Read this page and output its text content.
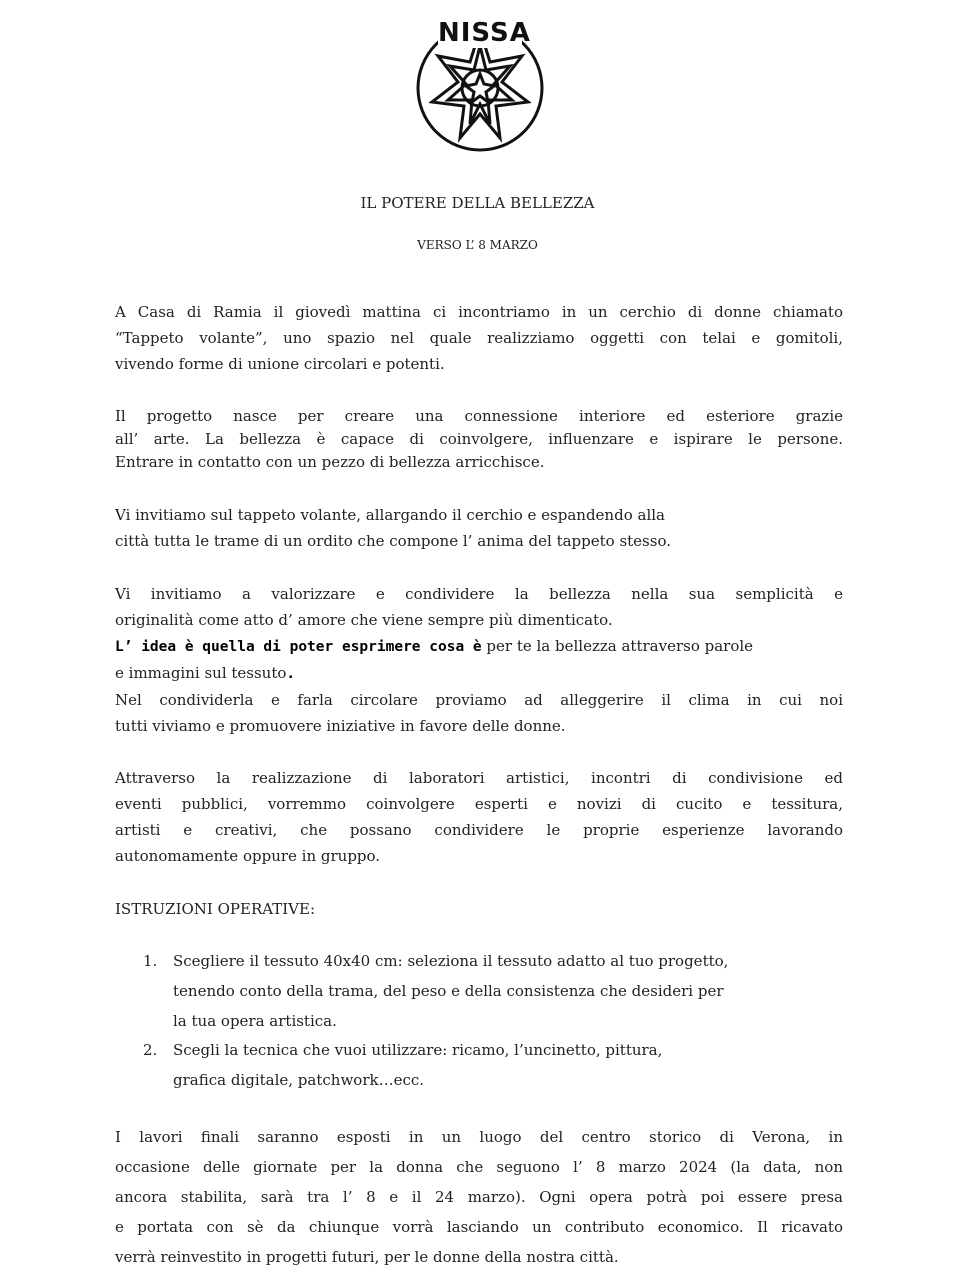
NISSA
IL POTERE DELLA BELLEZZA
VERSO L’ 8 MARZO
A Casa di Ramia il giovedì mattina ci incontriamo in un cerchio di donne chiamato
“Tappeto volante”, uno spazio nel quale realizziamo oggetti con telai e gomitoli,
vivendo forme di unione circolari e potenti.
Il progetto nasce per creare una connessione interiore ed esteriore grazie
all’ arte. La bellezza è capace di coinvolgere, influenzare e ispirare le persone.
Entrare in contatto con un pezzo di bellezza arricchisce.
Vi invitiamo sul tappeto volante, allargando il cerchio e espandendo alla
città tutta le trame di un ordito che compone l’ anima del tappeto stesso.
Vi invitiamo a valorizzare e condividere la bellezza nella sua semplicità e
originalità come atto d’ amore che viene sempre più dimenticato.
L’ idea è quella di poter esprimere cosa è per te la bellezza attraverso parole
e immagini sul tessuto.
Nel condividerla e farla circolare proviamo ad alleggerire il clima in cui noi
tutti viviamo e promuovere iniziative in favore delle donne.
Attraverso la realizzazione di laboratori artistici, incontri di condivisione ed
eventi pubblici, vorremmo coinvolgere esperti e novizi di cucito e tessitura,
artisti e creativi, che possano condividere le proprie esperienze lavorando
autonomamente oppure in gruppo.
ISTRUZIONI OPERATIVE:
1. Scegliere il tessuto 40x40 cm: seleziona il tessuto adatto al tuo progetto,
tenendo conto della trama, del peso e della consistenza che desideri per
la tua opera artistica.
2. Scegli la tecnica che vuoi utilizzare: ricamo, l’uncinetto, pittura,
grafica digitale, patchwork…ecc.
I lavori finali saranno esposti in un luogo del centro storico di Verona, in
occasione delle giornate per la donna che seguono l’ 8 marzo 2024 (la data, non
ancora stabilita, sarà tra l’ 8 e il 24 marzo). Ogni opera potrà poi essere presa
e portata con sè da chiunque vorrà lasciando un contributo economico. Il ricavato
verrà reinvestito in progetti futuri, per le donne della nostra città.
